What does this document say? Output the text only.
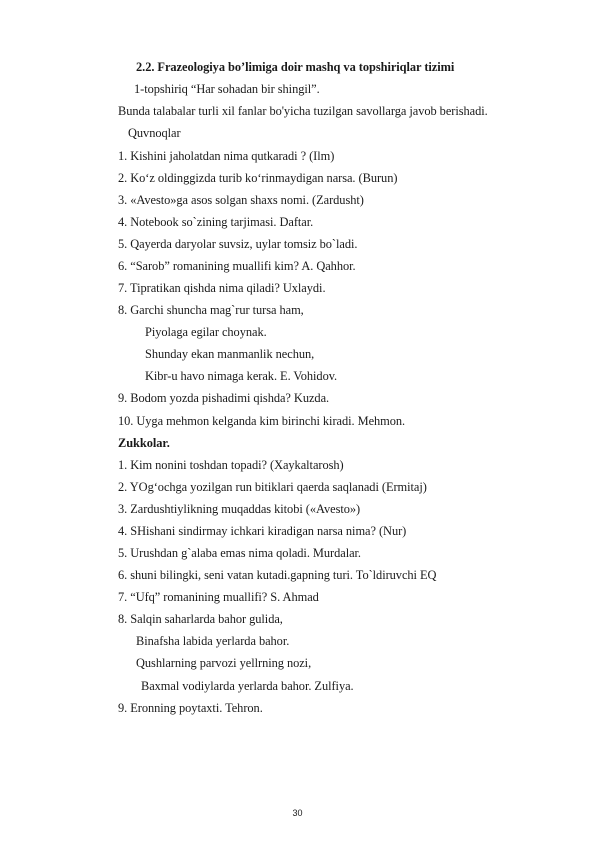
2.2. Frazeologiya bo’limiga doir mashq va topshiriqlar tizimi
1-topshiriq “Har sohadan bir shingil”.
Bunda talabalar turli xil fanlar bo'yicha tuzilgan savollarga javob berishadi.
Quvnoqlar
1. Kishini jaholatdan nima qutkaradi ? (Ilm)
2. Ko‘z oldinggizda turib ko‘rinmaydigan narsa. (Burun)
3. «Avesto»ga asos solgan shaxs nomi. (Zardusht)
4. Notebook so`zining tarjimasi. Daftar.
5. Qayerda daryolar suvsiz, uylar tomsiz bo`ladi.
6. “Sarob” romanining muallifi kim? A. Qahhor.
7. Tipratikan qishda nima qiladi? Uxlaydi.
8. Garchi shuncha mag`rur tursa ham,
Piyolaga egilar choynak.
Shunday ekan manmanlik nechun,
Kibr-u havo nimaga kerak. E. Vohidov.
9. Bodom yozda pishadimi qishda? Kuzda.
10. Uyga mehmon kelganda kim birinchi kiradi. Mehmon.
Zukkolar.
1. Kim nonini toshdan topadi? (Xaykaltarosh)
2. YOg‘ochga yozilgan run bitiklari qaerda saqlanadi (Ermitaj)
3. Zardushtiylikning muqaddas kitobi («Avesto»)
4. SHishani sindirmay ichkari kiradigan narsa nima? (Nur)
5. Urushdan g`alaba emas nima qoladi. Murdalar.
6. shuni bilingki, seni vatan kutadi.gapning turi. To`ldiruvchi EQ
7. “Ufq” romanining muallifi? S. Ahmad
8. Salqin saharlarda bahor gulida,
Binafsha labida yerlarda bahor.
Qushlarning parvozi yellrning nozi,
Baxmal vodiylarda yerlarda bahor. Zulfiya.
9. Eronning poytaxti. Tehron.
30
